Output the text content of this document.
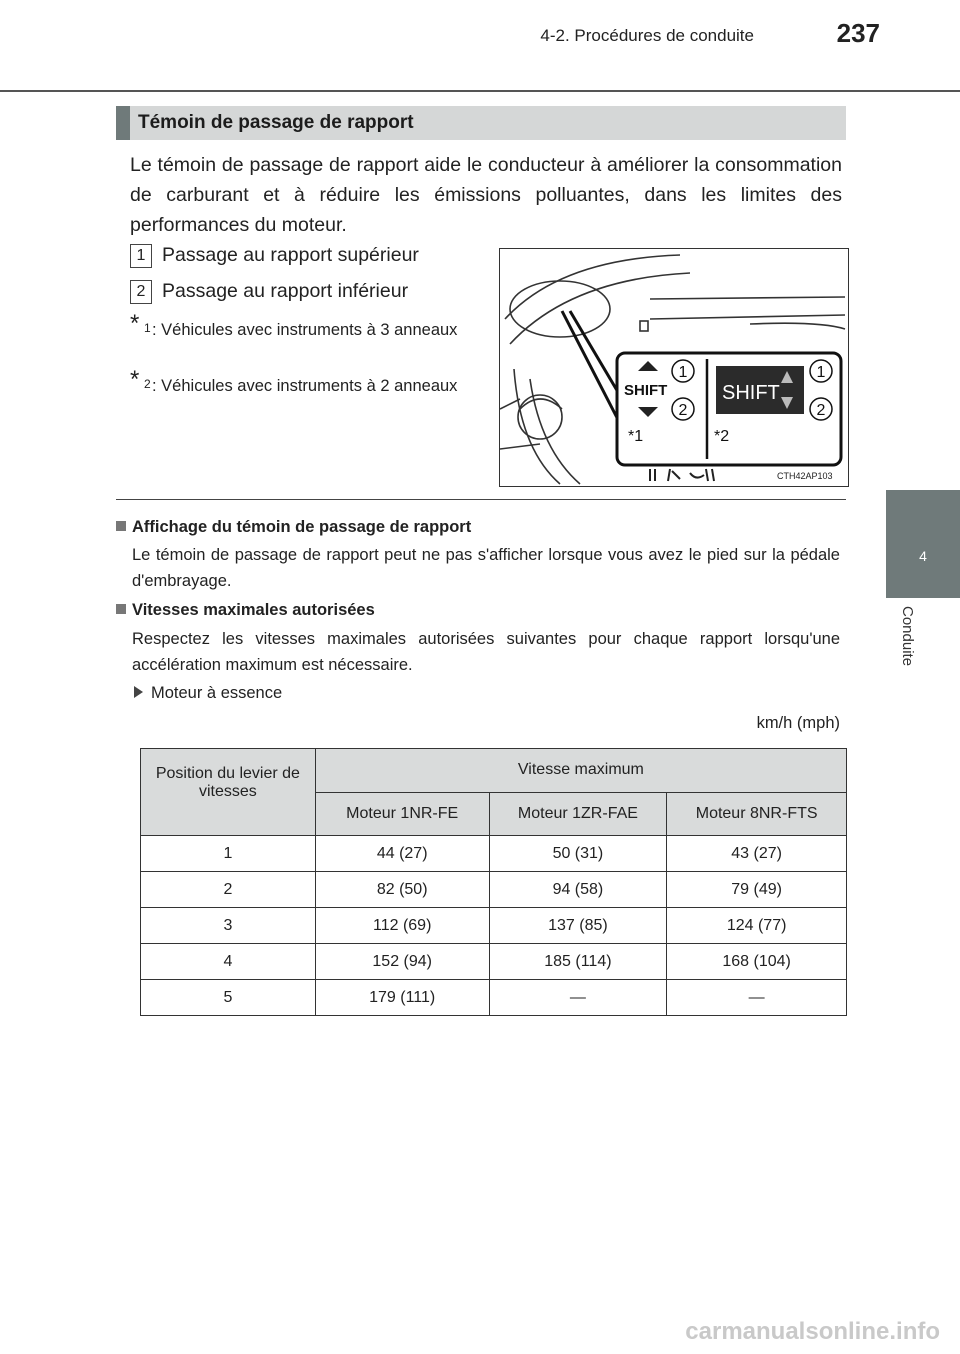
4-2. Procédures de conduite	237
4
Conduite
Témoin de passage de rapport
Le témoin de passage de rapport aide le conducteur à améliorer la consommation de carburant et à réduire les émissions polluantes, dans les limites des performances du moteur.
1 Passage au rapport supérieur
2 Passage au rapport inférieur
* 1 : Véhicules avec instruments à 3 anneaux
* 2 : Véhicules avec instruments à 2 anneaux	SHIFT
1
2
SHIFT
1
2
*1	*2
CTH42AP103
Affichage du témoin de passage de rapport
Le témoin de passage de rapport peut ne pas s'afficher lorsque vous avez le pied sur la pédale d'embrayage.
Vitesses maximales autorisées
Respectez les vitesses maximales autorisées suivantes pour chaque rapport lorsqu'une accélération maximum est nécessaire.
Moteur à essence
km/h (mph)
Position du levier de vitesses	Vitesse maximum		
	Moteur 1NR-FE	Moteur 1ZR-FAE	Moteur 8NR-FTS
1	44 (27)	50 (31)	43 (27)
2	82 (50)	94 (58)	79 (49)
3	112 (69)	137 (85)	124 (77)
4	152 (94)	185 (114)	168 (104)
5	179 (111)	—	—
carmanualsonline.info
